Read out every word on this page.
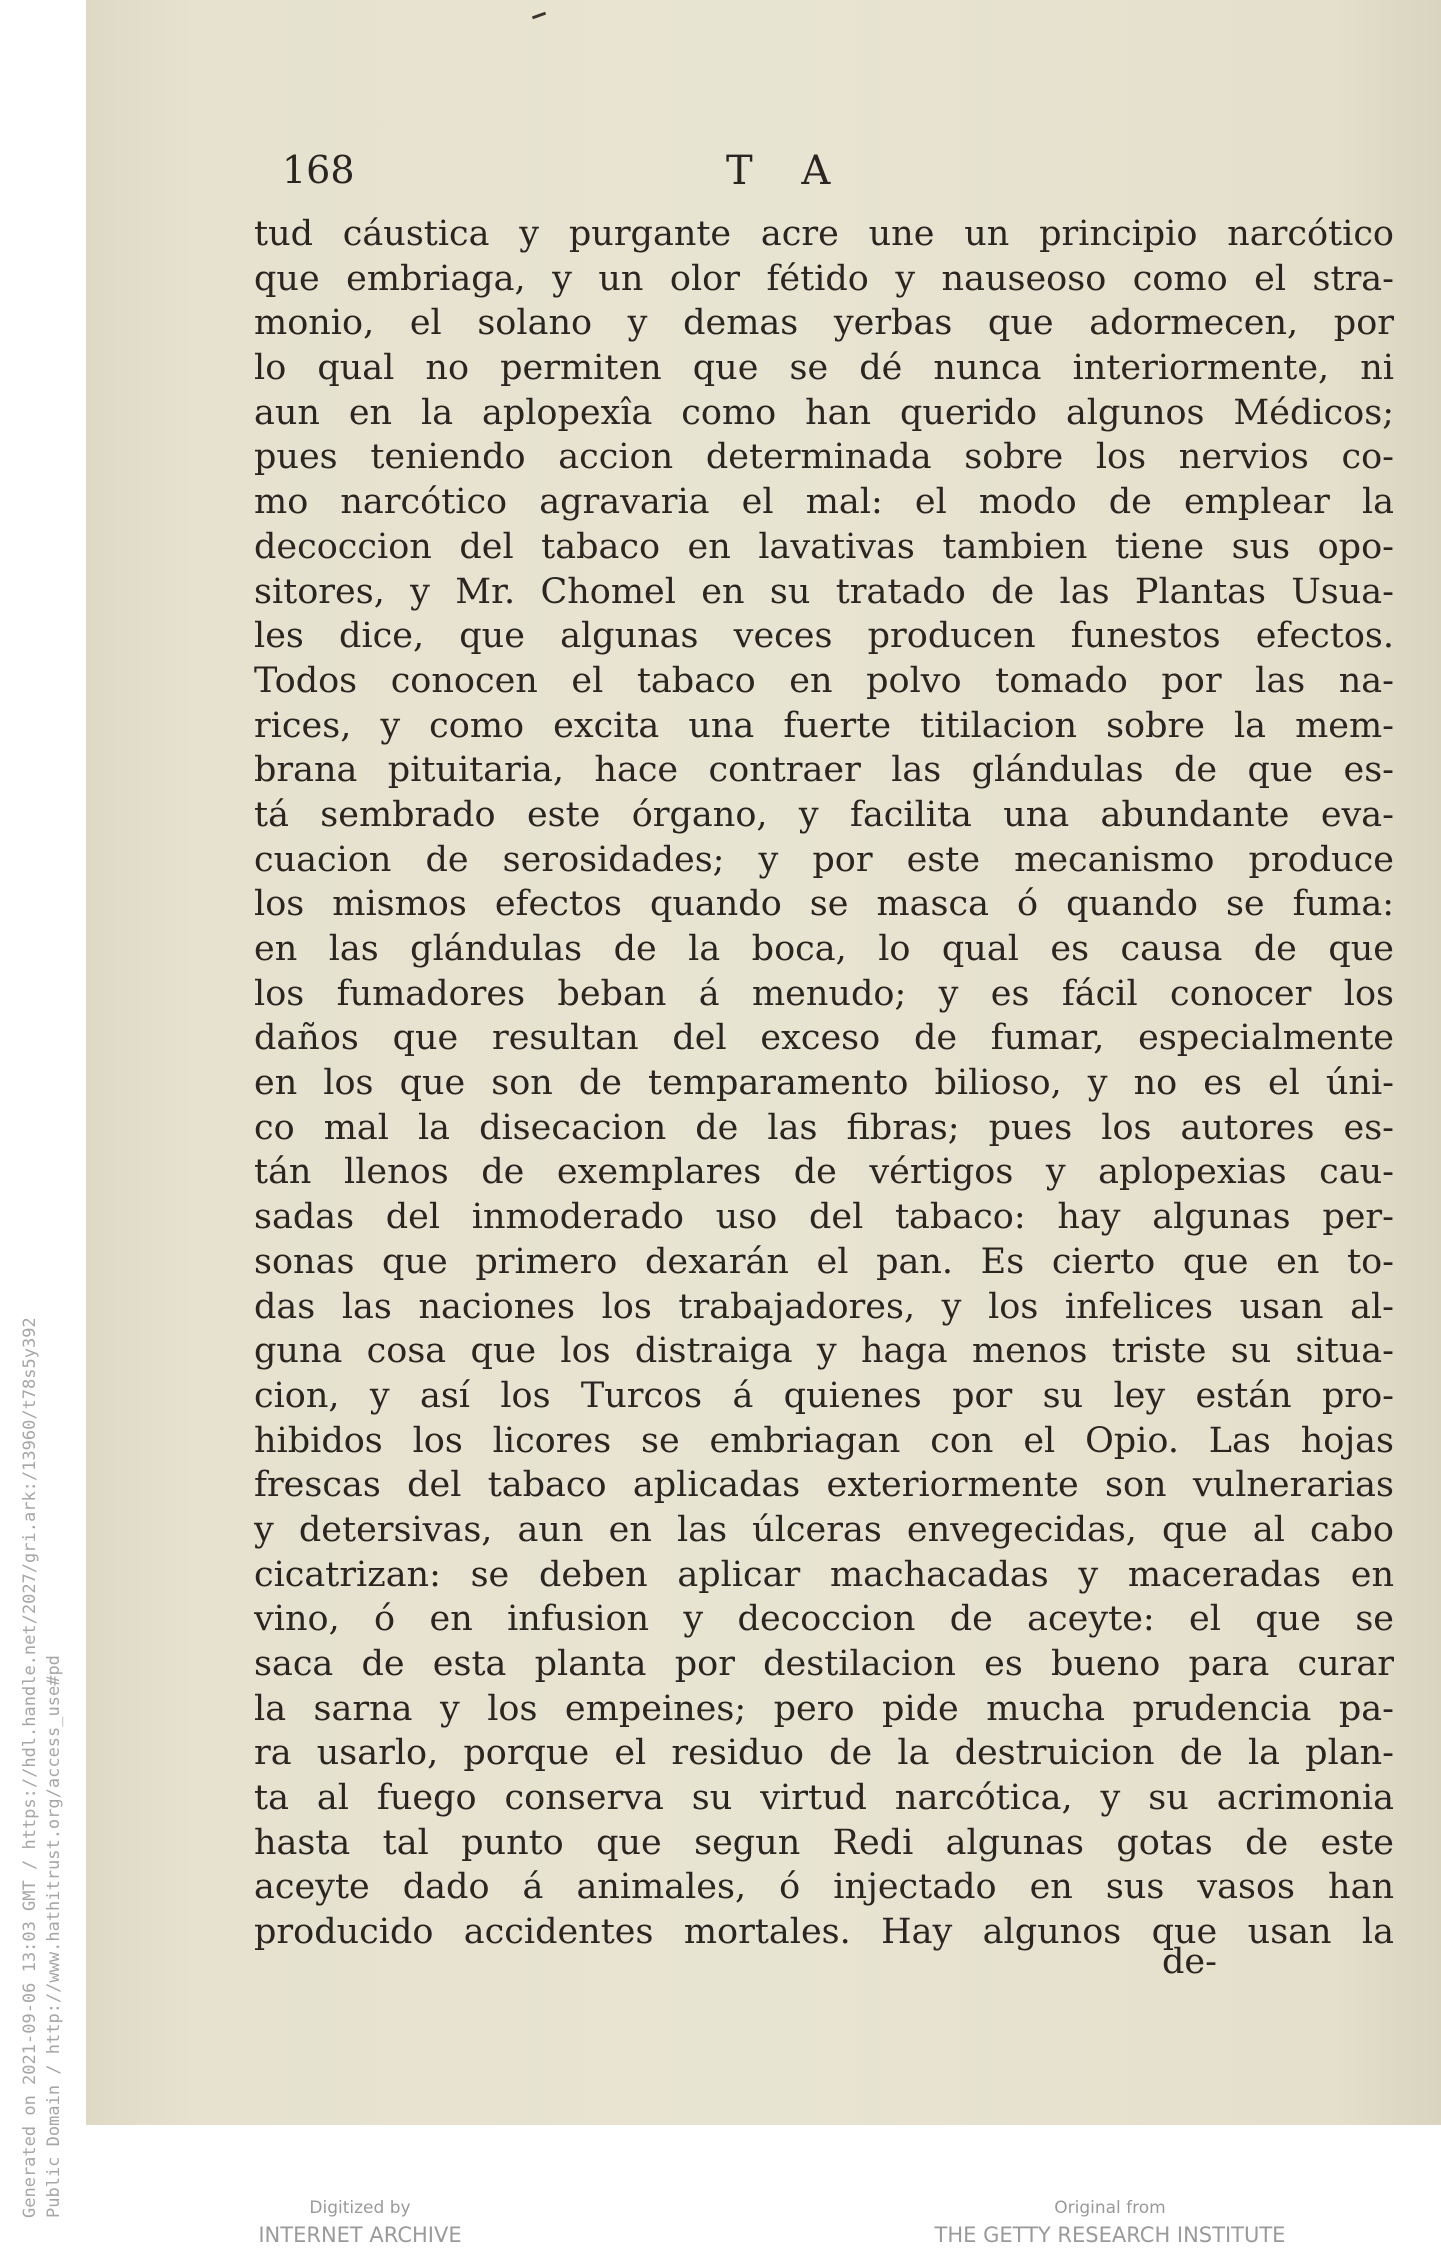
168	T A
tud cáustica y purgante acre une un principio narcótico
que embriaga, y un olor fétido y nauseoso como el stra-
monio, el solano y demas yerbas que adormecen, por
lo qual no permiten que se dé nunca interiormente, ni
aun en la aplopexîa como han querido algunos Médicos;
pues teniendo accion determinada sobre los nervios co-
mo narcótico agravaria el mal: el modo de emplear la
decoccion del tabaco en lavativas tambien tiene sus opo-
sitores, y Mr. Chomel en su tratado de las Plantas Usua-
les dice, que algunas veces producen funestos efectos.
Todos conocen el tabaco en polvo tomado por las na-
rices, y como excita una fuerte titilacion sobre la mem-
brana pituitaria, hace contraer las glándulas de que es-
tá sembrado este órgano, y facilita una abundante eva-
cuacion de serosidades; y por este mecanismo produce
los mismos efectos quando se masca ó quando se fuma:
en las glándulas de la boca, lo qual es causa de que
los fumadores beban á menudo; y es fácil conocer los
daños que resultan del exceso de fumar, especialmente
en los que son de temparamento bilioso, y no es el úni-
co mal la disecacion de las fibras; pues los autores es-
tán llenos de exemplares de vértigos y aplopexias cau-
sadas del inmoderado uso del tabaco: hay algunas per-
sonas que primero dexarán el pan. Es cierto que en to-
das las naciones los trabajadores, y los infelices usan al-
guna cosa que los distraiga y haga menos triste su situa-
cion, y así los Turcos á quienes por su ley están pro-
hibidos los licores se embriagan con el Opio. Las hojas
frescas del tabaco aplicadas exteriormente son vulnerarias
y detersivas, aun en las úlceras envegecidas, que al cabo
cicatrizan: se deben aplicar machacadas y maceradas en
vino, ó en infusion y decoccion de aceyte: el que se
saca de esta planta por destilacion es bueno para curar
la sarna y los empeines; pero pide mucha prudencia pa-
ra usarlo, porque el residuo de la destruicion de la plan-
ta al fuego conserva su virtud narcótica, y su acrimonia
hasta tal punto que segun Redi algunas gotas de este
aceyte dado á animales, ó injectado en sus vasos han
producido accidentes mortales. Hay algunos que usan la
de-
Generated on 2021-09-06 13:03 GMT / https://hdl.handle.net/2027/gri.ark:/13960/t78s5y392 Public Domain / http://www.hathitrust.org/access_use#pd	Digitized by
INTERNET ARCHIVE
Original from
THE GETTY RESEARCH INSTITUTE
